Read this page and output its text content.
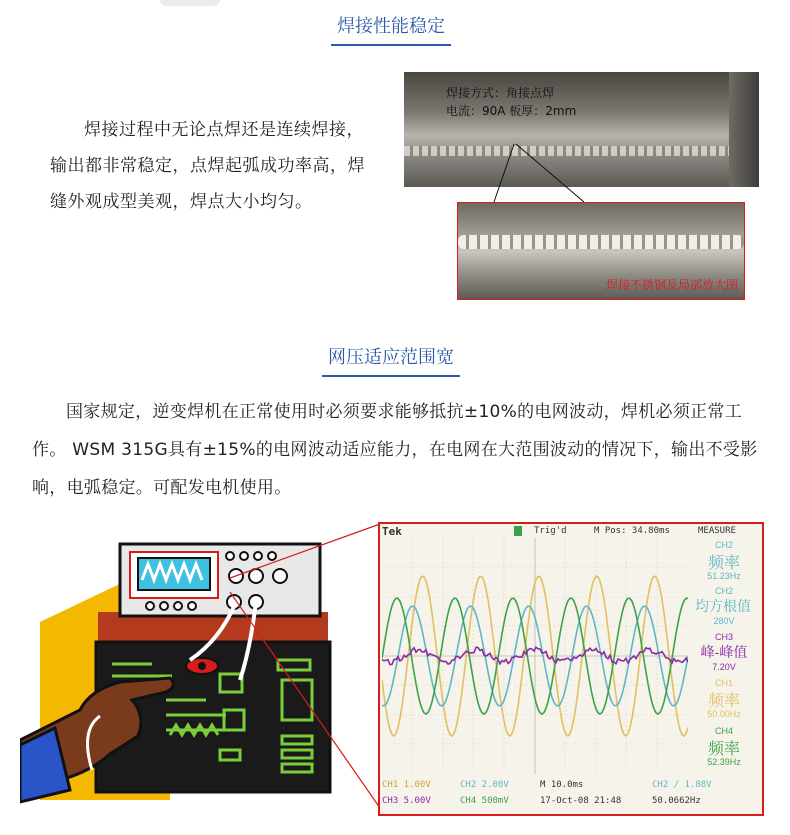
焊接性能稳定
焊接过程中无论点焊还是连续焊接，输出都非常稳定，点焊起弧成功率高，焊缝外观成型美观，焊点大小均匀。
焊接方式：角接点焊
电流：90A 板厚：2mm
焊接不锈钢及局部放大图
网压适应范围宽
国家规定，逆变焊机在正常使用时必须要求能够抵抗±10%的电网波动，焊机必须正常工作。 WSM 315G具有±15%的电网波动适应能力，在电网在大范围波动的情况下，输出不受影响，电弧稳定。可配发电机使用。
Tek	Trig'd	M Pos: 34.80ms	MEASURE
CH2
频率
51.23Hz
CH2
均方根值
280V
CH3
峰-峰值
7.20V
CH1
频率
50.00Hz
CH4
频率
52.39Hz
CH1 1.00V	CH2 2.00V	M 10.0ms	CH2 / 1.88V
CH3 5.00V	CH4 500mV	17-Oct-08 21:48	50.0662Hz
